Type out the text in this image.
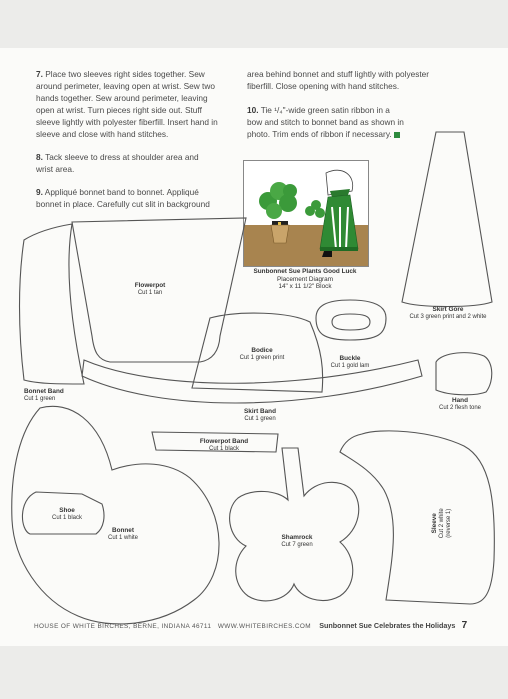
7. Place two sleeves right sides together. Sew
around perimeter, leaving open at wrist. Sew two
hands together. Sew around perimeter, leaving
open at wrist. Turn pieces right side out. Stuff
sleeve lightly with polyester fiberfill. Insert hand in
sleeve and close with hand stitches.
8. Tack sleeve to dress at shoulder area and
wrist area.
9. Appliqué bonnet band to bonnet. Appliqué
bonnet in place. Carefully cut slit in background
area behind bonnet and stuff lightly with polyester
fiberfill. Close opening with hand stitches.
10. Tie ¹/₄"-wide green satin ribbon in a
bow and stitch to bonnet band as shown in
photo. Trim ends of ribbon if necessary.
Sunbonnet Sue Plants Good Luck
Placement Diagram
14" x 11 1/2" Block
Flowerpot
Cut 1 tan
Skirt Gore
Cut 3 green print and 2 white
Bonnet Band
Cut 1 green
Bodice
Cut 1 green print	Buckle
Cut 1 gold lam
Hand
Cut 2 flesh tone
Skirt Band
Cut 1 green
Flowerpot Band
Cut 1 black
Shoe
Cut 1 black
Bonnet
Cut 1 white	Shamrock
Cut 7 green
Sleeve Cut 2 white (reverse 1)
HOUSE OF WHITE BIRCHES, BERNE, INDIANA 46711 WWW.WHITEBIRCHES.COM Sunbonnet Sue Celebrates the Holidays 7
